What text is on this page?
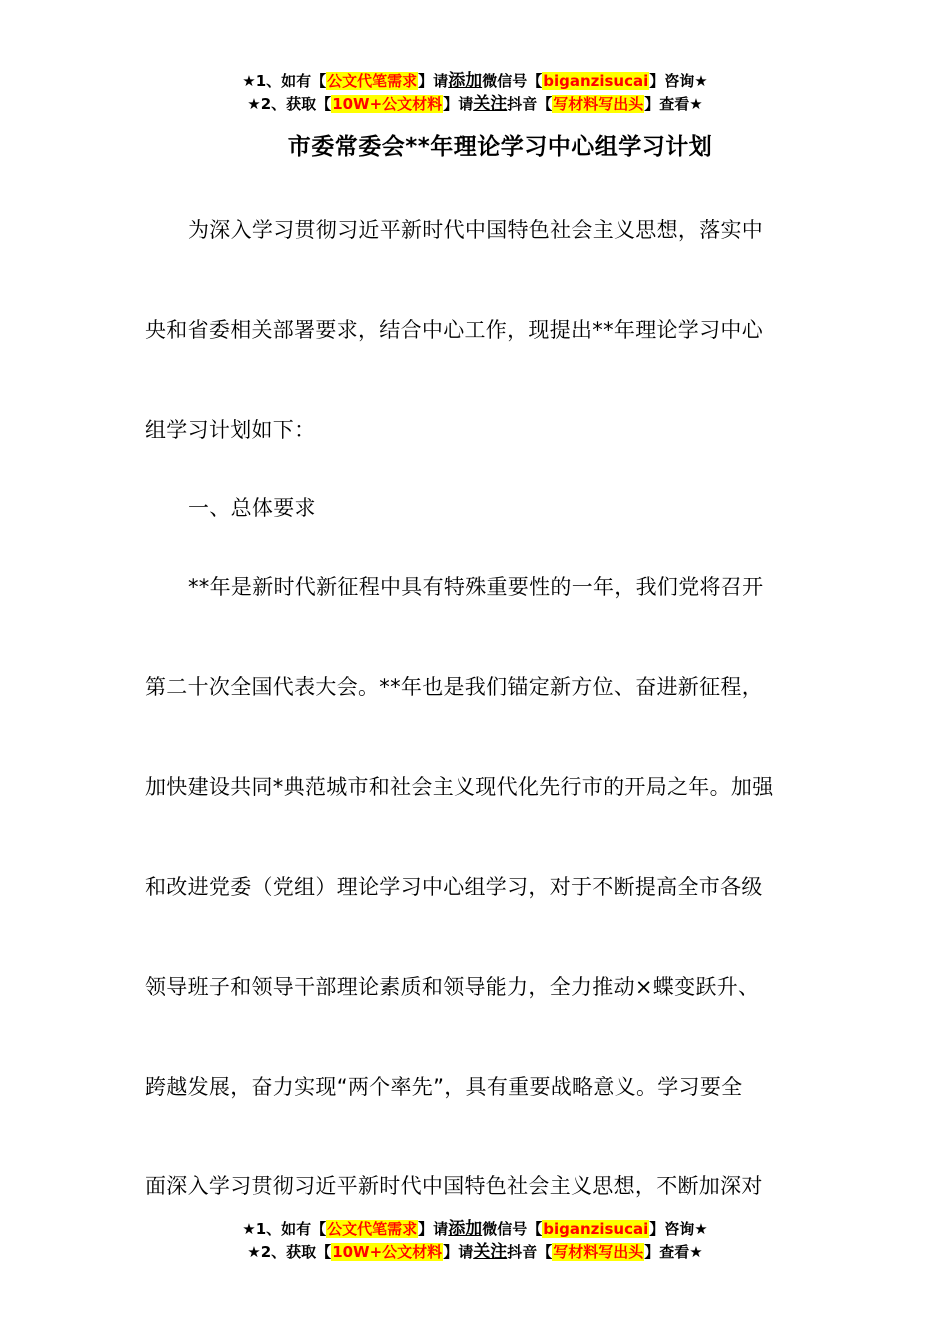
★1、如有【公文代笔需求】请添加微信号【biganzisucai】咨询★
★2、获取【10W+公文材料】请关注抖音【写材料写出头】查看★
市委常委会**年理论学习中心组学习计划
为深入学习贯彻习近平新时代中国特色社会主义思想，落实中
央和省委相关部署要求，结合中心工作，现提出**年理论学习中心
组学习计划如下：
一、总体要求
**年是新时代新征程中具有特殊重要性的一年，我们党将召开
第二十次全国代表大会。**年也是我们锚定新方位、奋进新征程，
加快建设共同*典范城市和社会主义现代化先行市的开局之年。加强
和改进党委（党组）理论学习中心组学习，对于不断提高全市各级
领导班子和领导干部理论素质和领导能力，全力推动×蝶变跃升、
跨越发展，奋力实现“两个率先”，具有重要战略意义。学习要全
面深入学习贯彻习近平新时代中国特色社会主义思想，不断加深对
★1、如有【公文代笔需求】请添加微信号【biganzisucai】咨询★
★2、获取【10W+公文材料】请关注抖音【写材料写出头】查看★
